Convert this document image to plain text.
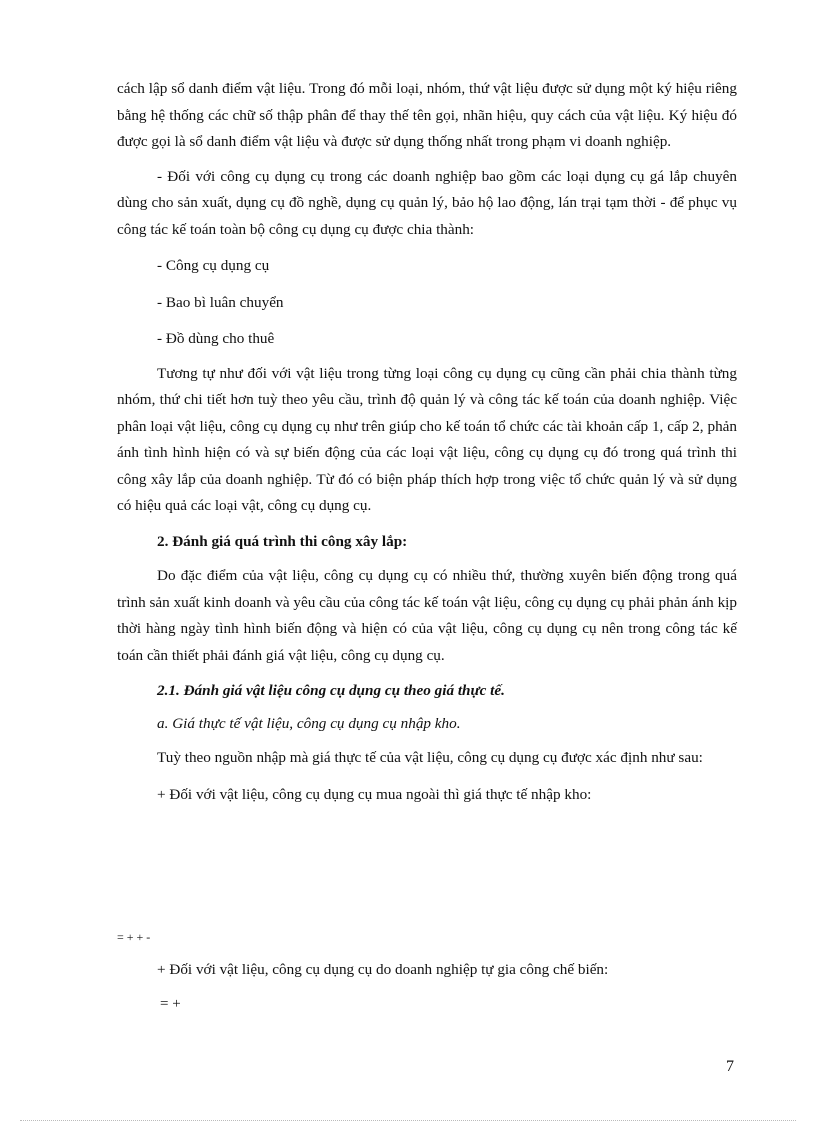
cách lập sổ danh điểm vật liệu. Trong đó mỗi loại, nhóm, thứ vật liệu được sử dụng một ký hiệu riêng bằng hệ thống các chữ số thập phân để thay thế tên gọi, nhãn hiệu, quy cách của vật liệu. Ký hiệu đó được gọi là sổ danh điểm vật liệu và được sử dụng thống nhất trong phạm vi doanh nghiệp.

- Đối với công cụ dụng cụ trong các doanh nghiệp bao gồm các loại dụng cụ gá lắp chuyên dùng cho sản xuất, dụng cụ đồ nghề, dụng cụ quản lý, bảo hộ lao động, lán trại tạm thời - để phục vụ công tác kế toán toàn bộ công cụ dụng cụ được chia thành:

- Công cụ dụng cụ

- Bao bì luân chuyển

- Đồ dùng cho thuê

Tương tự như đối với vật liệu trong từng loại công cụ dụng cụ cũng cần phải chia thành từng nhóm, thứ chi tiết hơn tuỳ theo yêu cầu, trình độ quản lý và công tác kế toán của doanh nghiệp. Việc phân loại vật liệu, công cụ dụng cụ như trên giúp cho kế toán tổ chức các tài khoản cấp 1, cấp 2, phản ánh tình hình hiện có và sự biến động của các loại vật liệu, công cụ dụng cụ đó trong quá trình thi công xây lắp của doanh nghiệp. Từ đó có biện pháp thích hợp trong việc tổ chức quản lý và sử dụng có hiệu quả các loại vật, công cụ dụng cụ.

2. Đánh giá quá trình thi công xây lắp:

Do đặc điểm của vật liệu, công cụ dụng cụ có nhiều thứ, thường xuyên biến động trong quá trình sản xuất kinh doanh và yêu cầu của công tác kế toán vật liệu, công cụ dụng cụ phải phản ánh kịp thời hàng ngày tình hình biến động và hiện có của vật liệu, công cụ dụng cụ nên trong công tác kế toán cần thiết phải đánh giá vật liệu, công cụ dụng cụ.

2.1. Đánh giá vật liệu công cụ dụng cụ theo giá thực tế.

a. Giá thực tế vật liệu, công cụ dụng cụ nhập kho.

Tuỳ theo nguồn nhập mà giá thực tế của vật liệu, công cụ dụng cụ được xác định như sau:

+ Đối với vật liệu, công cụ dụng cụ mua ngoài thì giá thực tế nhập kho:

= + + -
+ Đối với vật liệu, công cụ dụng cụ do doanh nghiệp tự gia công chế biến:
= +
7
